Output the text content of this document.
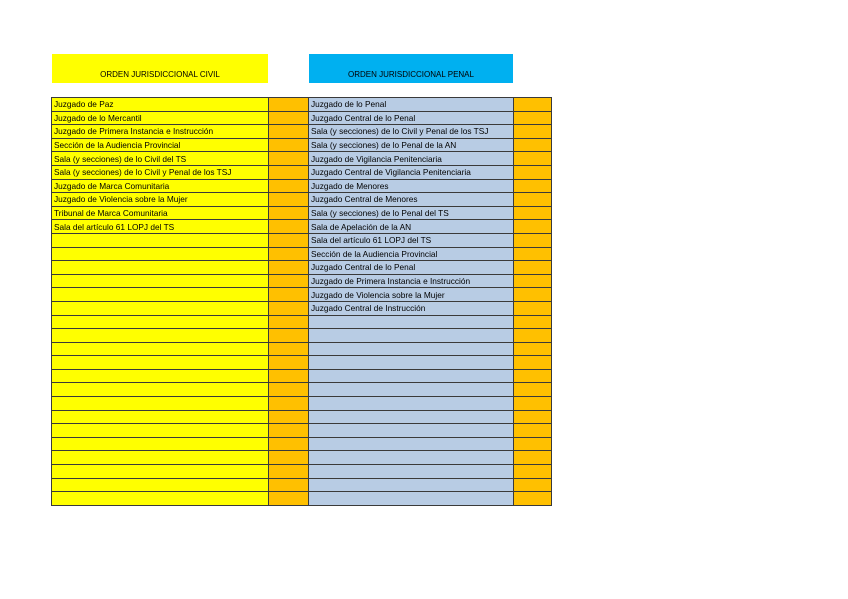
ORDEN JURISDICCIONAL CIVIL	ORDEN JURISDICCIONAL PENAL
Juzgado de Paz		Juzgado de lo Penal	
Juzgado de lo Mercantil		Juzgado Central de lo Penal	
Juzgado de Primera Instancia e Instrucción		Sala (y secciones) de lo Civil y Penal de los TSJ	
Sección de la Audiencia Provincial		Sala (y secciones) de lo Penal de la AN	
Sala (y secciones) de lo Civil del TS		Juzgado de Vigilancia Penitenciaria	
Sala (y secciones) de lo Civil y Penal de los TSJ		Juzgado Central de Vigilancia Penitenciaria	
Juzgado de Marca Comunitaria		Juzgado de Menores	
Juzgado de Violencia sobre la Mujer		Juzgado Central de Menores	
Tribunal de Marca Comunitaria		Sala (y secciones) de lo Penal del TS	
Sala del artículo 61 LOPJ del TS		Sala de Apelación de la AN	
		Sala del artículo 61 LOPJ del TS	
		Sección de la Audiencia Provincial	
		Juzgado Central de lo Penal	
		Juzgado de Primera Instancia e Instrucción	
		Juzgado de Violencia sobre la Mujer	
		Juzgado Central de Instrucción	
